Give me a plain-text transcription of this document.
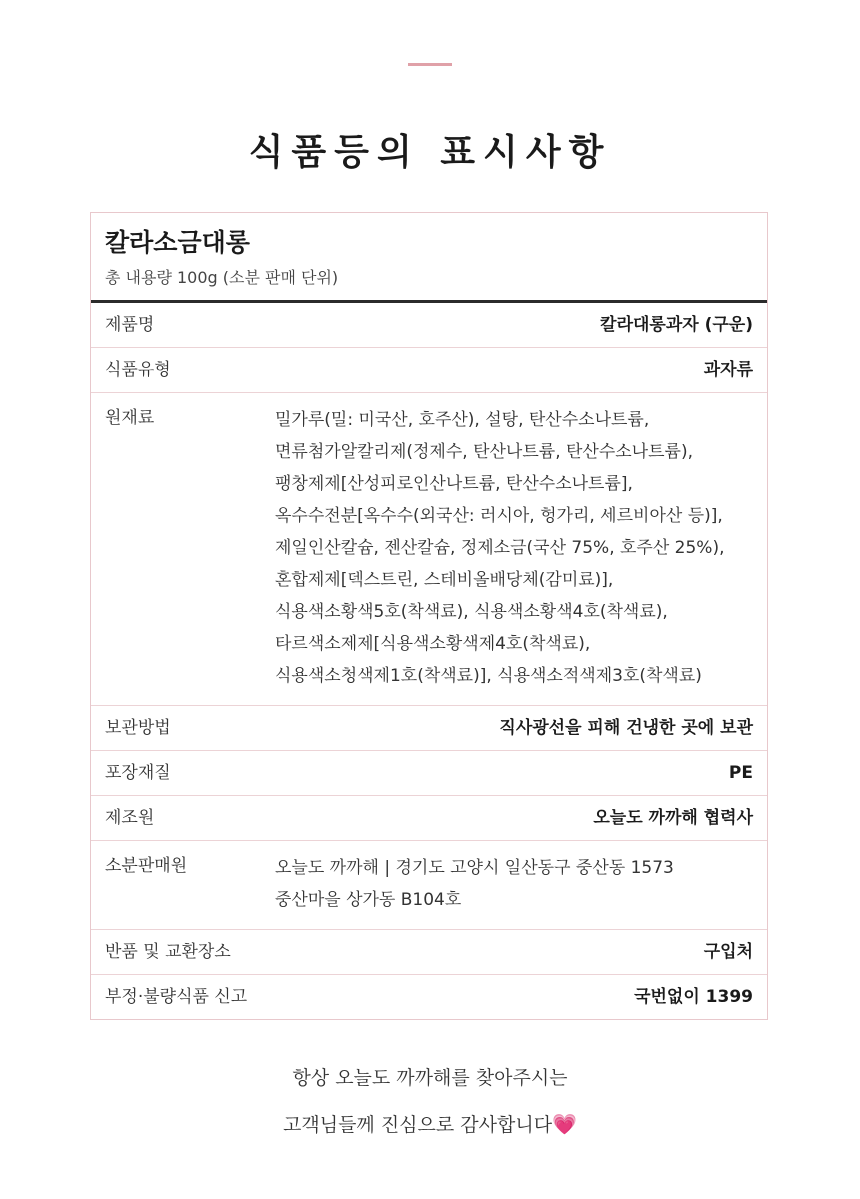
식품등의 표시사항
칼라소금대롱
총 내용량 100g (소분 판매 단위)
제품명	칼라대롱과자 (구운)
식품유형	과자류
원재료	밀가루(밀: 미국산, 호주산), 설탕, 탄산수소나트륨,
면류첨가알칼리제(정제수, 탄산나트륨, 탄산수소나트륨),
팽창제제[산성피로인산나트륨, 탄산수소나트륨],
옥수수전분[옥수수(외국산: 러시아, 헝가리, 세르비아산 등)],
제일인산칼슘, 젠산칼슘, 정제소금(국산 75%, 호주산 25%),
혼합제제[덱스트린, 스테비올배당체(감미료)],
식용색소황색5호(착색료), 식용색소황색4호(착색료),
타르색소제제[식용색소황색제4호(착색료),
식용색소청색제1호(착색료)], 식용색소적색제3호(착색료)
보관방법	직사광선을 피해 건냉한 곳에 보관
포장재질	PE
제조원	오늘도 까까해 협력사
소분판매원	오늘도 까까해 | 경기도 고양시 일산동구 중산동 1573
중산마을 상가동 B104호
반품 및 교환장소	구입처
부정·불량식품 신고	국번없이 1399
항상 오늘도 까까해를 찾아주시는
고객님들께 진심으로 감사합니다💗
